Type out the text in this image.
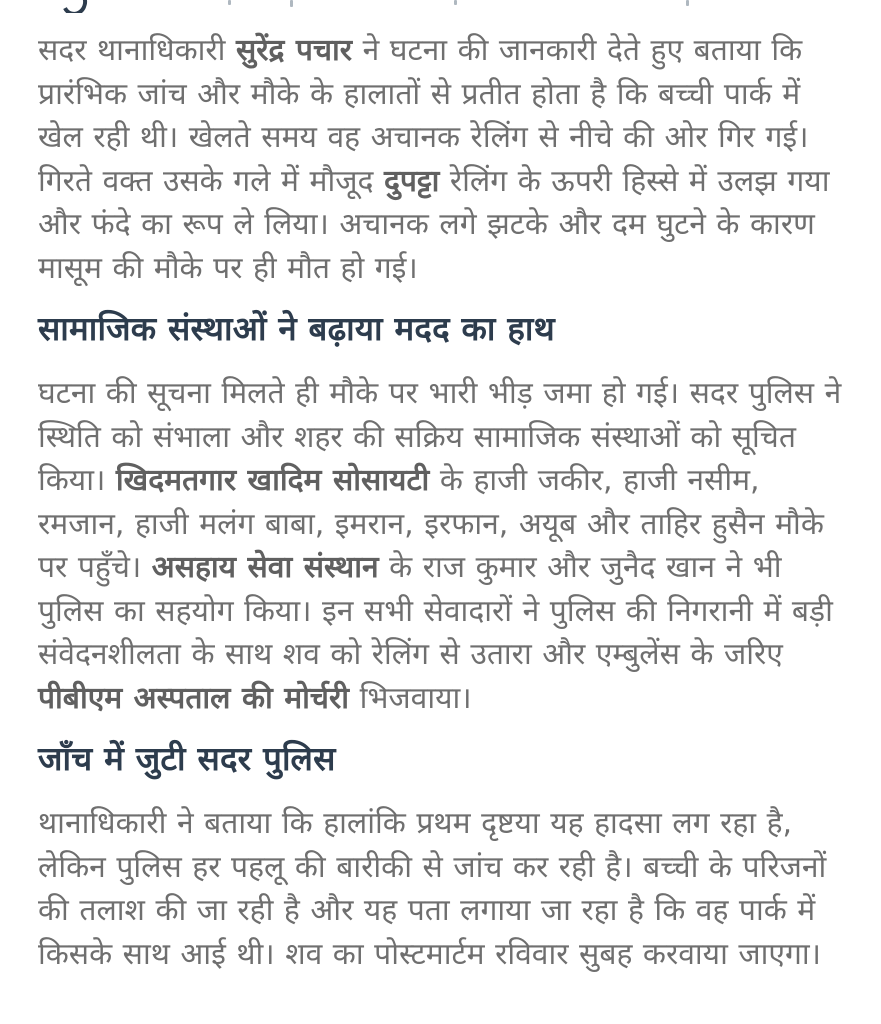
सदर थानाधिकारी सुरेंद्र पचार ने घटना की जानकारी देते हुए बताया कि प्रारंभिक जांच और मौके के हालातों से प्रतीत होता है कि बच्ची पार्क में खेल रही थी। खेलते समय वह अचानक रेलिंग से नीचे की ओर गिर गई। गिरते वक्त उसके गले में मौजूद दुपट्टा रेलिंग के ऊपरी हिस्से में उलझ गया और फंदे का रूप ले लिया। अचानक लगे झटके और दम घुटने के कारण मासूम की मौके पर ही मौत हो गई।

सामाजिक संस्थाओं ने बढ़ाया मदद का हाथ

घटना की सूचना मिलते ही मौके पर भारी भीड़ जमा हो गई। सदर पुलिस ने स्थिति को संभाला और शहर की सक्रिय सामाजिक संस्थाओं को सूचित किया। खिदमतगार खादिम सोसायटी के हाजी जकीर, हाजी नसीम, रमजान, हाजी मलंग बाबा, इमरान, इरफान, अयूब और ताहिर हुसैन मौके पर पहुँचे। असहाय सेवा संस्थान के राज कुमार और जुनैद खान ने भी पुलिस का सहयोग किया। इन सभी सेवादारों ने पुलिस की निगरानी में बड़ी संवेदनशीलता के साथ शव को रेलिंग से उतारा और एम्बुलेंस के जरिए पीबीएम अस्पताल की मोर्चरी भिजवाया।

जाँच में जुटी सदर पुलिस

थानाधिकारी ने बताया कि हालांकि प्रथम दृष्टया यह हादसा लग रहा है, लेकिन पुलिस हर पहलू की बारीकी से जांच कर रही है। बच्ची के परिजनों की तलाश की जा रही है और यह पता लगाया जा रहा है कि वह पार्क में किसके साथ आई थी। शव का पोस्टमार्टम रविवार सुबह करवाया जाएगा।
